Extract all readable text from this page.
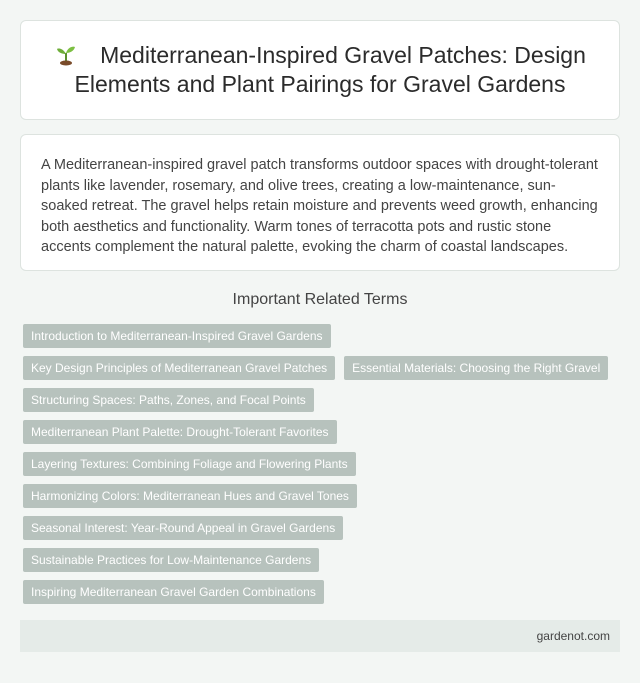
Mediterranean-Inspired Gravel Patches: Design Elements and Plant Pairings for Gravel Gardens

A Mediterranean-inspired gravel patch transforms outdoor spaces with drought-tolerant plants like lavender, rosemary, and olive trees, creating a low-maintenance, sun-soaked retreat. The gravel helps retain moisture and prevents weed growth, enhancing both aesthetics and functionality. Warm tones of terracotta pots and rustic stone accents complement the natural palette, evoking the charm of coastal landscapes.

Important Related Terms
Introduction to Mediterranean-Inspired Gravel Gardens
Key Design Principles of Mediterranean Gravel Patches	Essential Materials: Choosing the Right Gravel
Structuring Spaces: Paths, Zones, and Focal Points
Mediterranean Plant Palette: Drought-Tolerant Favorites
Layering Textures: Combining Foliage and Flowering Plants
Harmonizing Colors: Mediterranean Hues and Gravel Tones
Seasonal Interest: Year-Round Appeal in Gravel Gardens
Sustainable Practices for Low-Maintenance Gardens
Inspiring Mediterranean Gravel Garden Combinations
gardenot.com
